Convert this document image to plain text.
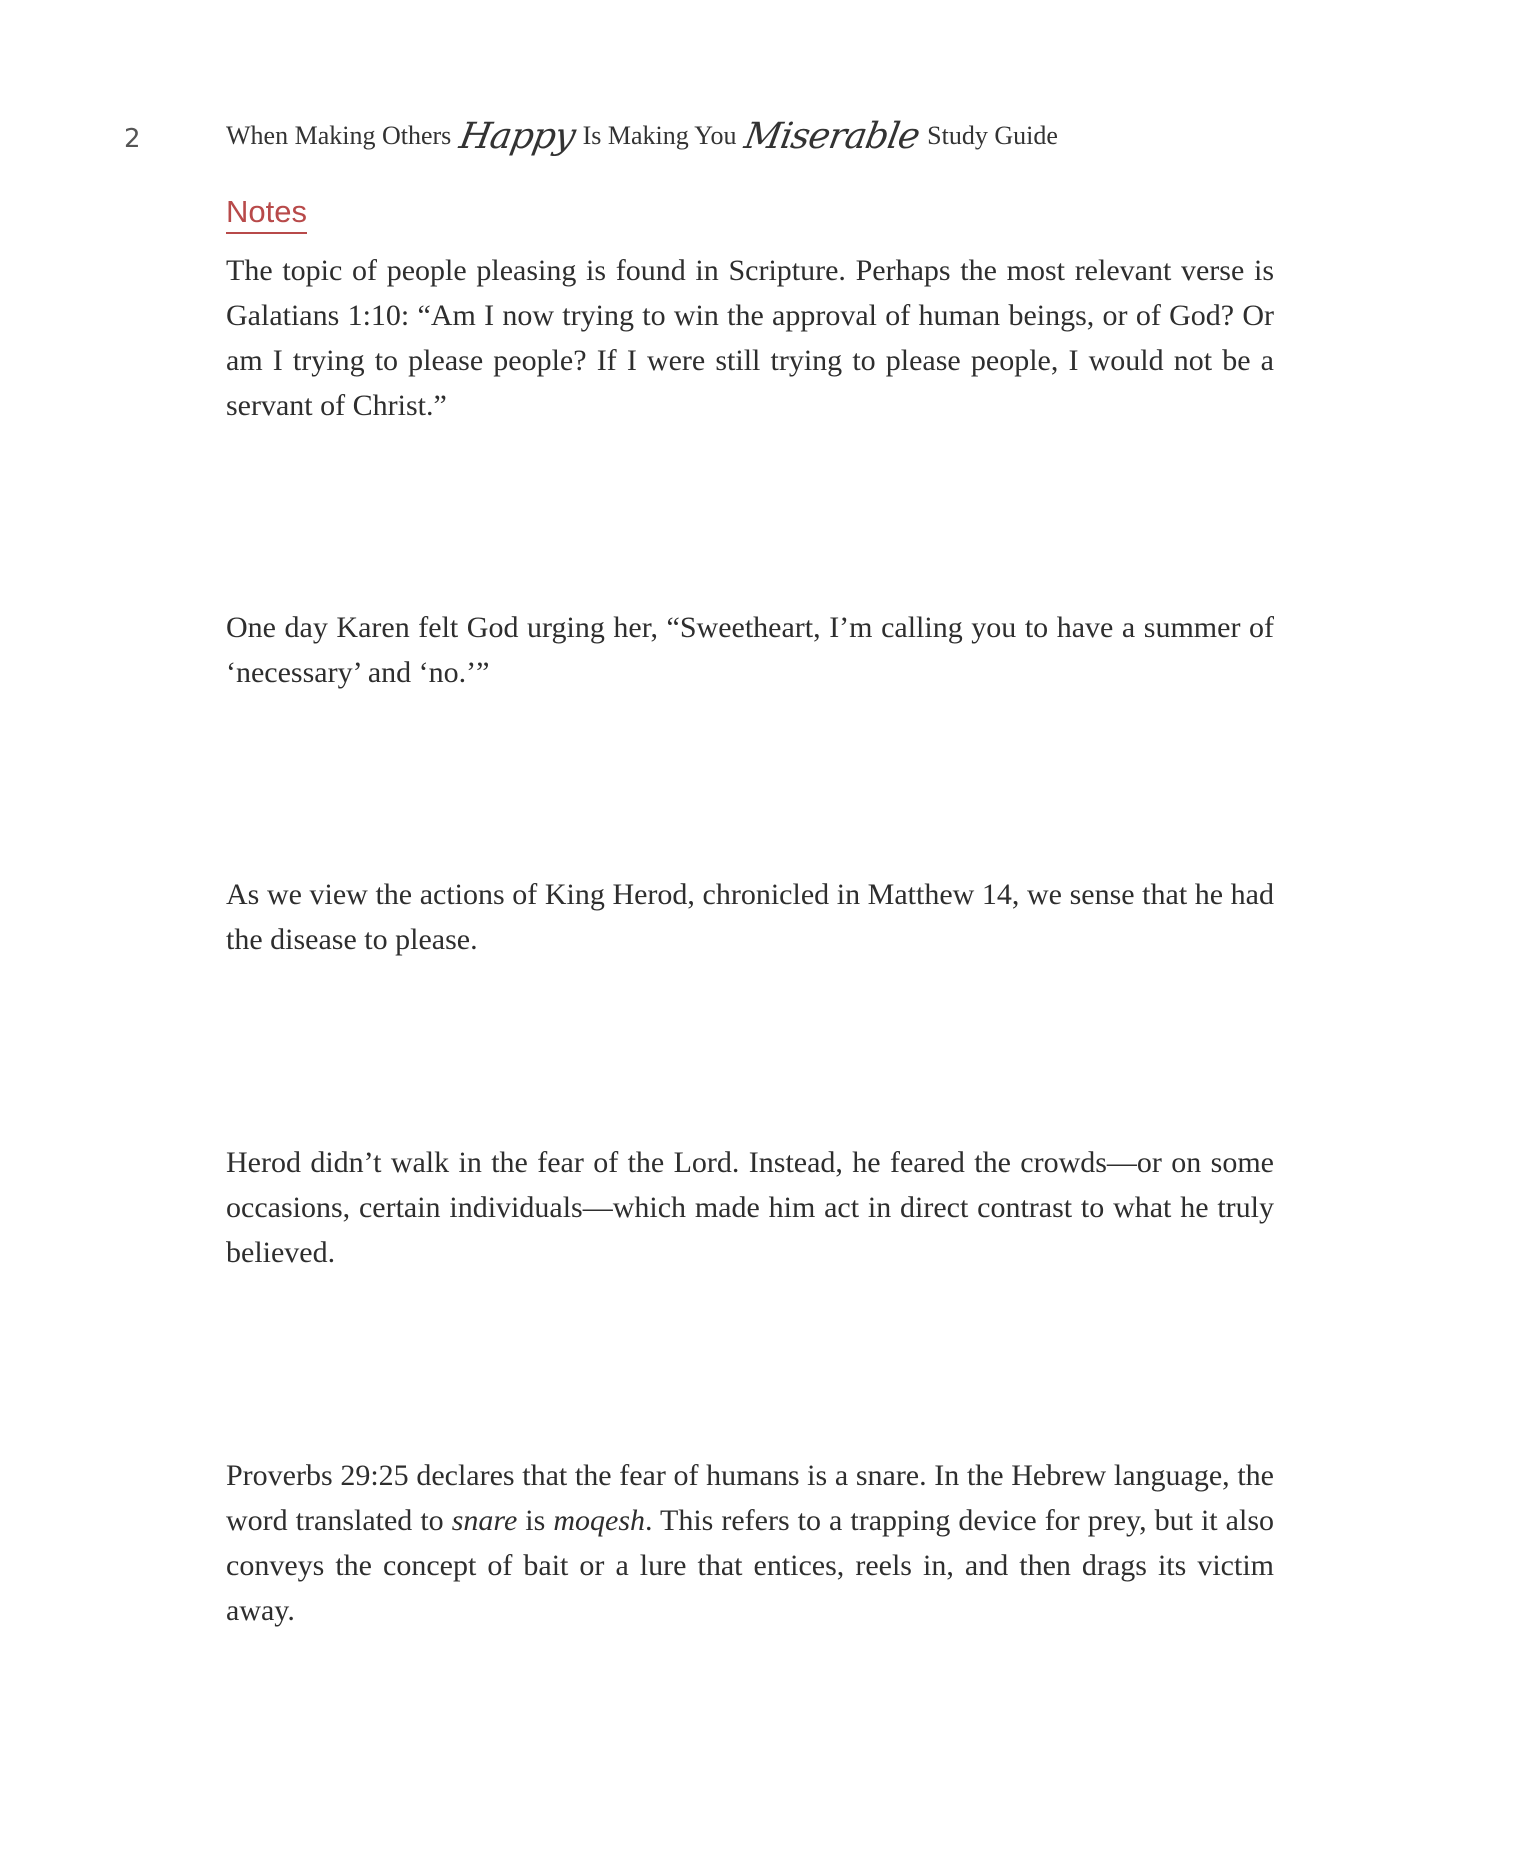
2	When Making Others Happy Is Making You Miserable Study Guide
Notes

The topic of people pleasing is found in Scripture. Perhaps the most relevant verse is Galatians 1:10: “Am I now trying to win the approval of human beings, or of God? Or am I trying to please people? If I were still trying to please people, I would not be a servant of Christ.”

One day Karen felt God urging her, “Sweetheart, I’m calling you to have a summer of ‘necessary’ and ‘no.’”

As we view the actions of King Herod, chronicled in Matthew 14, we sense that he had the disease to please.

Herod didn’t walk in the fear of the Lord. Instead, he feared the crowds—or on some occasions, certain individuals—which made him act in direct contrast to what he truly believed.

Proverbs 29:25 declares that the fear of humans is a snare. In the Hebrew language, the word translated to snare is moqesh. This refers to a trapping device for prey, but it also conveys the concept of bait or a lure that entices, reels in, and then drags its victim away.
